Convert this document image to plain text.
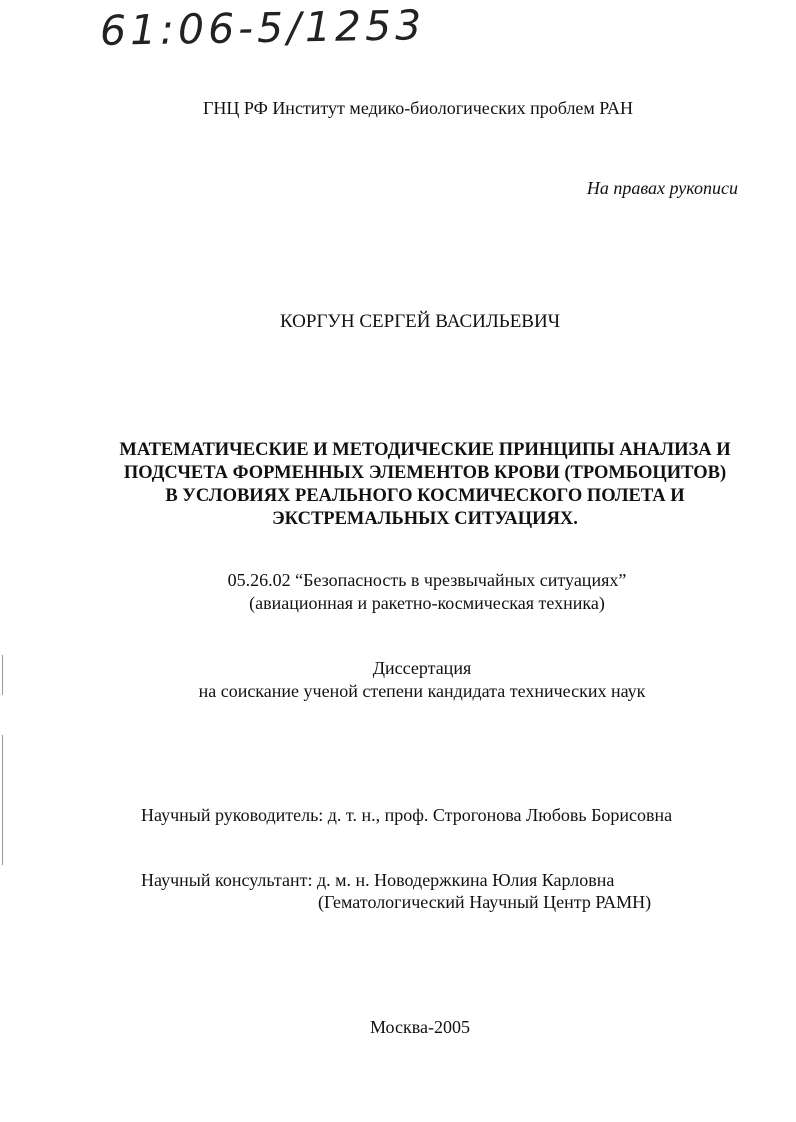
61:06-5/1253
ГНЦ РФ Институт медико-биологических проблем РАН
На правах рукописи
КОРГУН СЕРГЕЙ ВАСИЛЬЕВИЧ
МАТЕМАТИЧЕСКИЕ И МЕТОДИЧЕСКИЕ ПРИНЦИПЫ АНАЛИЗА И
ПОДСЧЕТА ФОРМЕННЫХ ЭЛЕМЕНТОВ КРОВИ (ТРОМБОЦИТОВ)
В УСЛОВИЯХ РЕАЛЬНОГО КОСМИЧЕСКОГО ПОЛЕТА И
ЭКСТРЕМАЛЬНЫХ СИТУАЦИЯХ.
05.26.02 “Безопасность в чрезвычайных ситуациях”
(авиационная и ракетно-космическая техника)
Диссертация
на соискание ученой степени кандидата технических наук
Научный руководитель: д. т. н., проф. Строгонова Любовь Борисовна
Научный консультант: д. м. н. Новодержкина Юлия Карловна
(Гематологический Научный Центр РАМН)
Москва-2005
